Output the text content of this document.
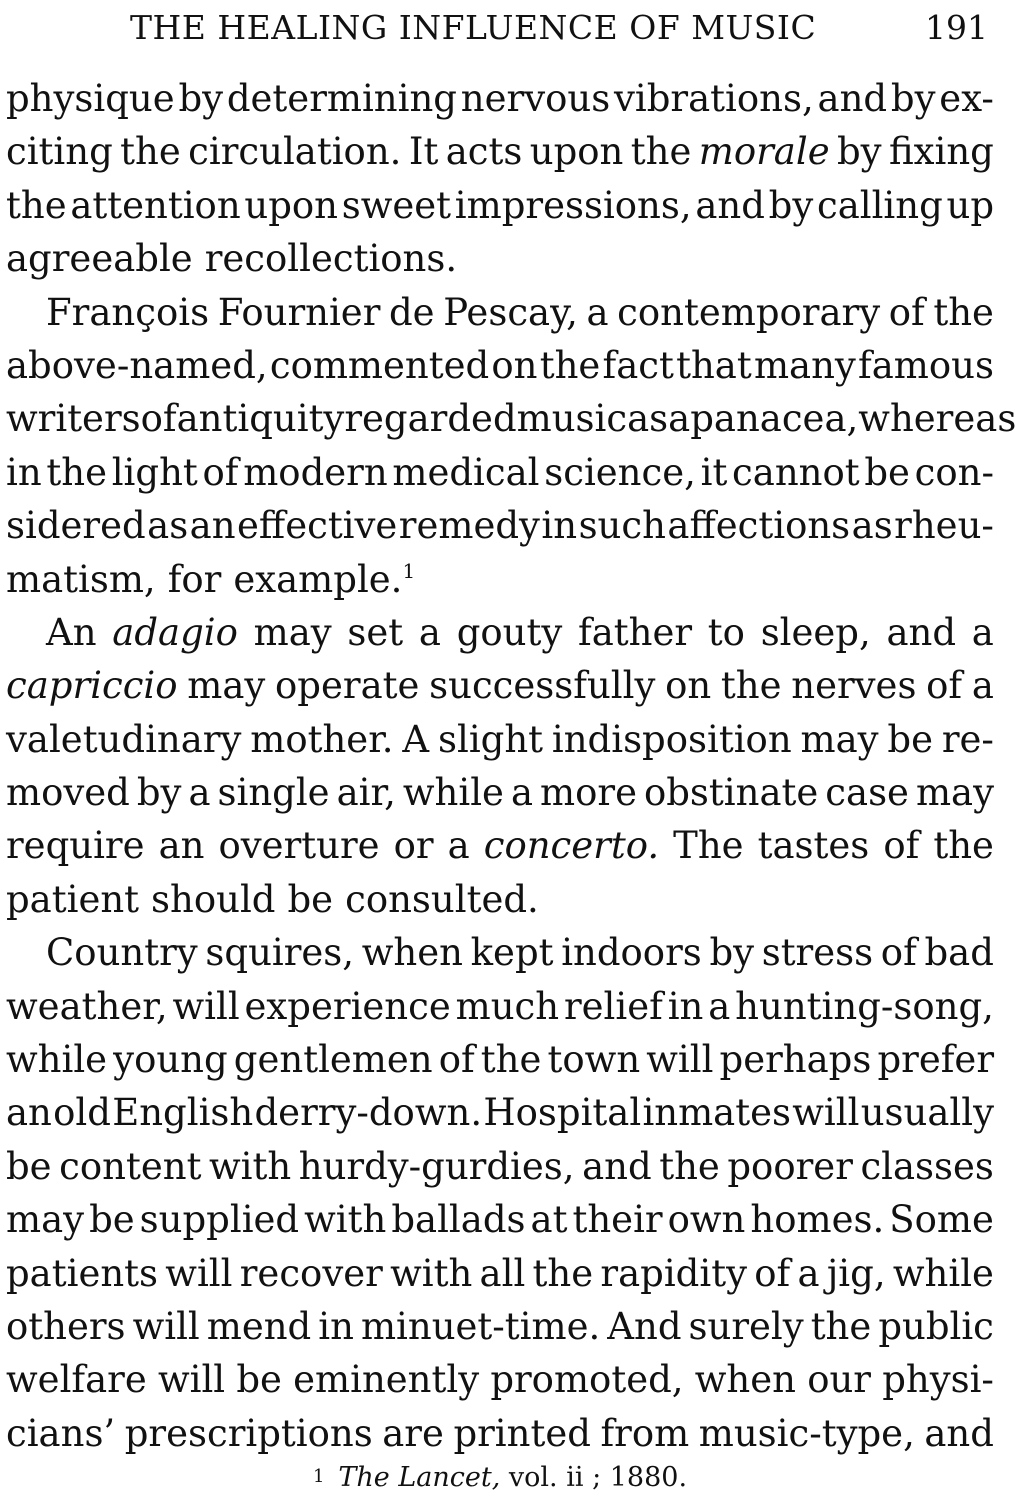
THE HEALING INFLUENCE OF MUSIC	191
physique by determining nervous vibrations, and by ex-
citing the circulation. It acts upon the morale by fixing
the attention upon sweet impressions, and by calling up
agreeable recollections.
François Fournier de Pescay, a contemporary of the
above-named, commented on the fact that many famous
writers of antiquity regarded music as a panacea, whereas
in the light of modern medical science, it cannot be con-
sidered as an effective remedy in such affections as rheu-
matism, for example.$^1$
An adagio may set a gouty father to sleep, and a
capriccio may operate successfully on the nerves of a
valetudinary mother. A slight indisposition may be re-
moved by a single air, while a more obstinate case may
require an overture or a concerto. The tastes of the
patient should be consulted.
Country squires, when kept indoors by stress of bad
weather, will experience much relief in a hunting-song,
while young gentlemen of the town will perhaps prefer
an old English derry-down. Hospital inmates will usually
be content with hurdy-gurdies, and the poorer classes
may be supplied with ballads at their own homes. Some
patients will recover with all the rapidity of a jig, while
others will mend in minuet-time. And surely the public
welfare will be eminently promoted, when our physi-
cians’ prescriptions are printed from music-type, and
$^1$ The Lancet, vol. ii ; 1880.
